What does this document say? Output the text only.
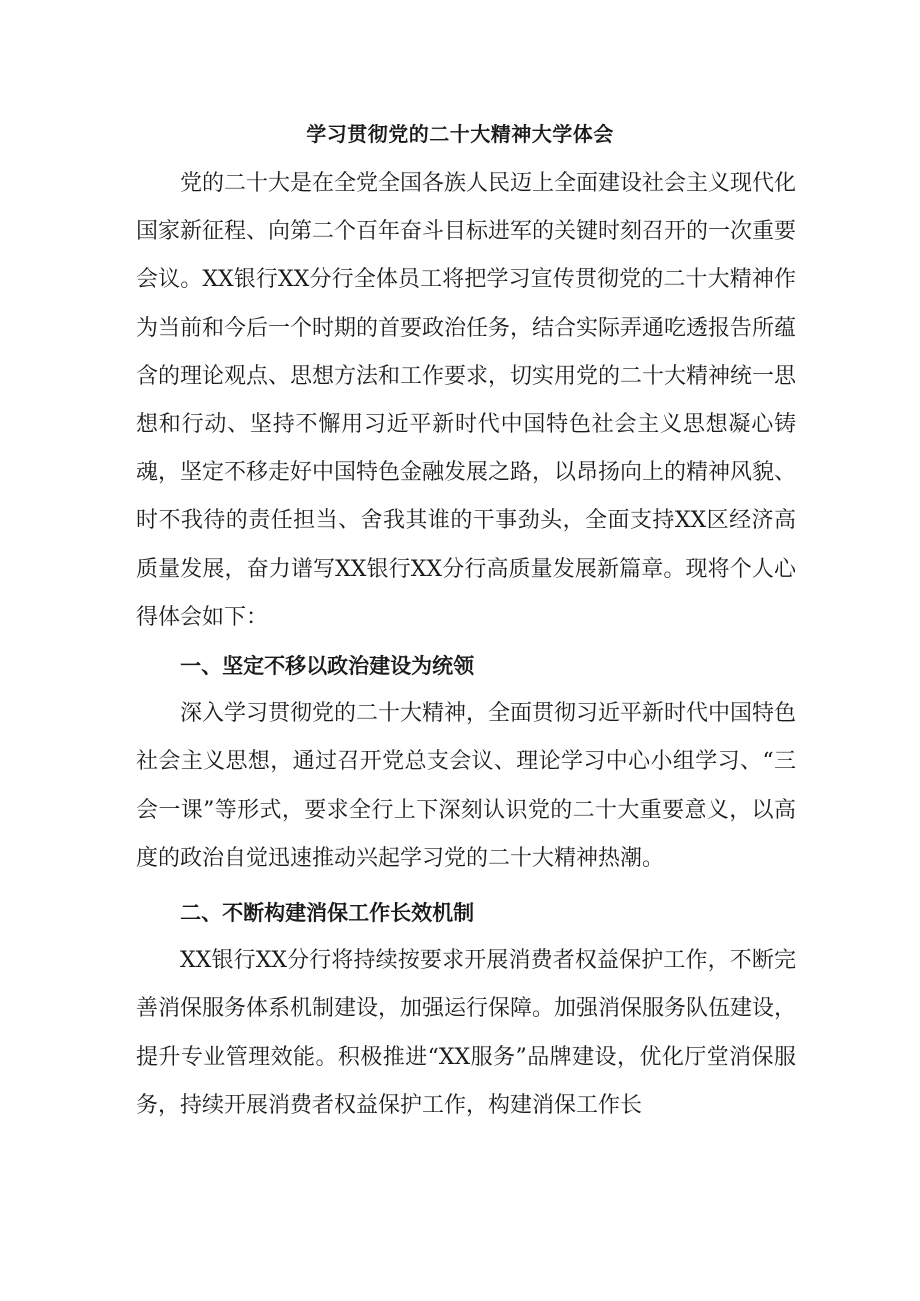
学习贯彻党的二十大精神大学体会

党的二十大是在全党全国各族人民迈上全面建设社会主义现代化国家新征程、向第二个百年奋斗目标进军的关键时刻召开的一次重要会议。XX银行XX分行全体员工将把学习宣传贯彻党的二十大精神作为当前和今后一个时期的首要政治任务，结合实际弄通吃透报告所蕴含的理论观点、思想方法和工作要求，切实用党的二十大精神统一思想和行动、坚持不懈用习近平新时代中国特色社会主义思想凝心铸魂，坚定不移走好中国特色金融发展之路，以昂扬向上的精神风貌、时不我待的责任担当、舍我其谁的干事劲头，全面支持XX区经济高质量发展，奋力谱写XX银行XX分行高质量发展新篇章。现将个人心得体会如下：

一、坚定不移以政治建设为统领

深入学习贯彻党的二十大精神，全面贯彻习近平新时代中国特色社会主义思想，通过召开党总支会议、理论学习中心小组学习、“三会一课”等形式，要求全行上下深刻认识党的二十大重要意义，以高度的政治自觉迅速推动兴起学习党的二十大精神热潮。

二、不断构建消保工作长效机制

XX银行XX分行将持续按要求开展消费者权益保护工作，不断完善消保服务体系机制建设，加强运行保障。加强消保服务队伍建设，提升专业管理效能。积极推进“XX服务”品牌建设，优化厅堂消保服务，持续开展消费者权益保护工作，构建消保工作长
